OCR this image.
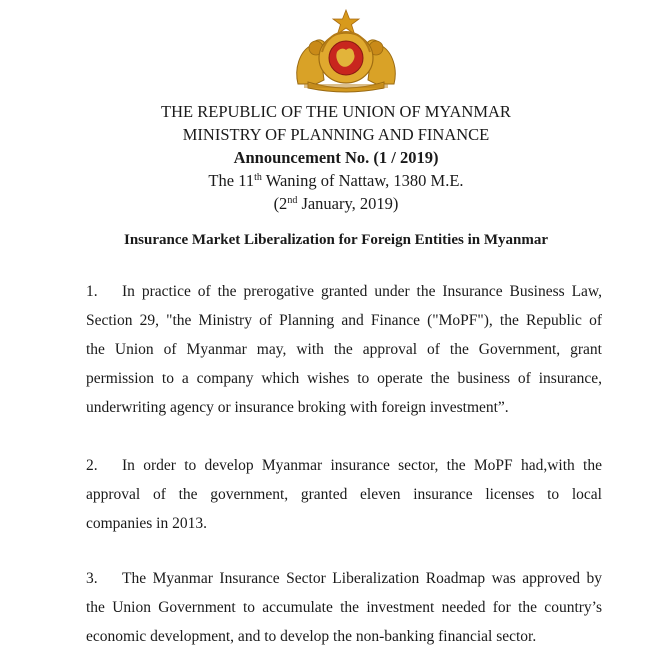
THE REPUBLIC OF THE UNION OF MYANMAR
MINISTRY OF PLANNING AND FINANCE
Announcement No. (1 / 2019)
The 11th Waning of Nattaw, 1380 M.E.
(2nd January, 2019)
Insurance Market Liberalization for Foreign Entities in Myanmar
1. In practice of the prerogative granted under the Insurance Business Law,
Section 29, "the Ministry of Planning and Finance ("MoPF"), the Republic of
the Union of Myanmar may, with the approval of the Government, grant
permission to a company which wishes to operate the business of insurance,
underwriting agency or insurance broking with foreign investment”.
2. In order to develop Myanmar insurance sector, the MoPF had,with the
approval of the government, granted eleven insurance licenses to local
companies in 2013.
3. The Myanmar Insurance Sector Liberalization Roadmap was approved by
the Union Government to accumulate the investment needed for the country’s
economic development, and to develop the non-banking financial sector.
